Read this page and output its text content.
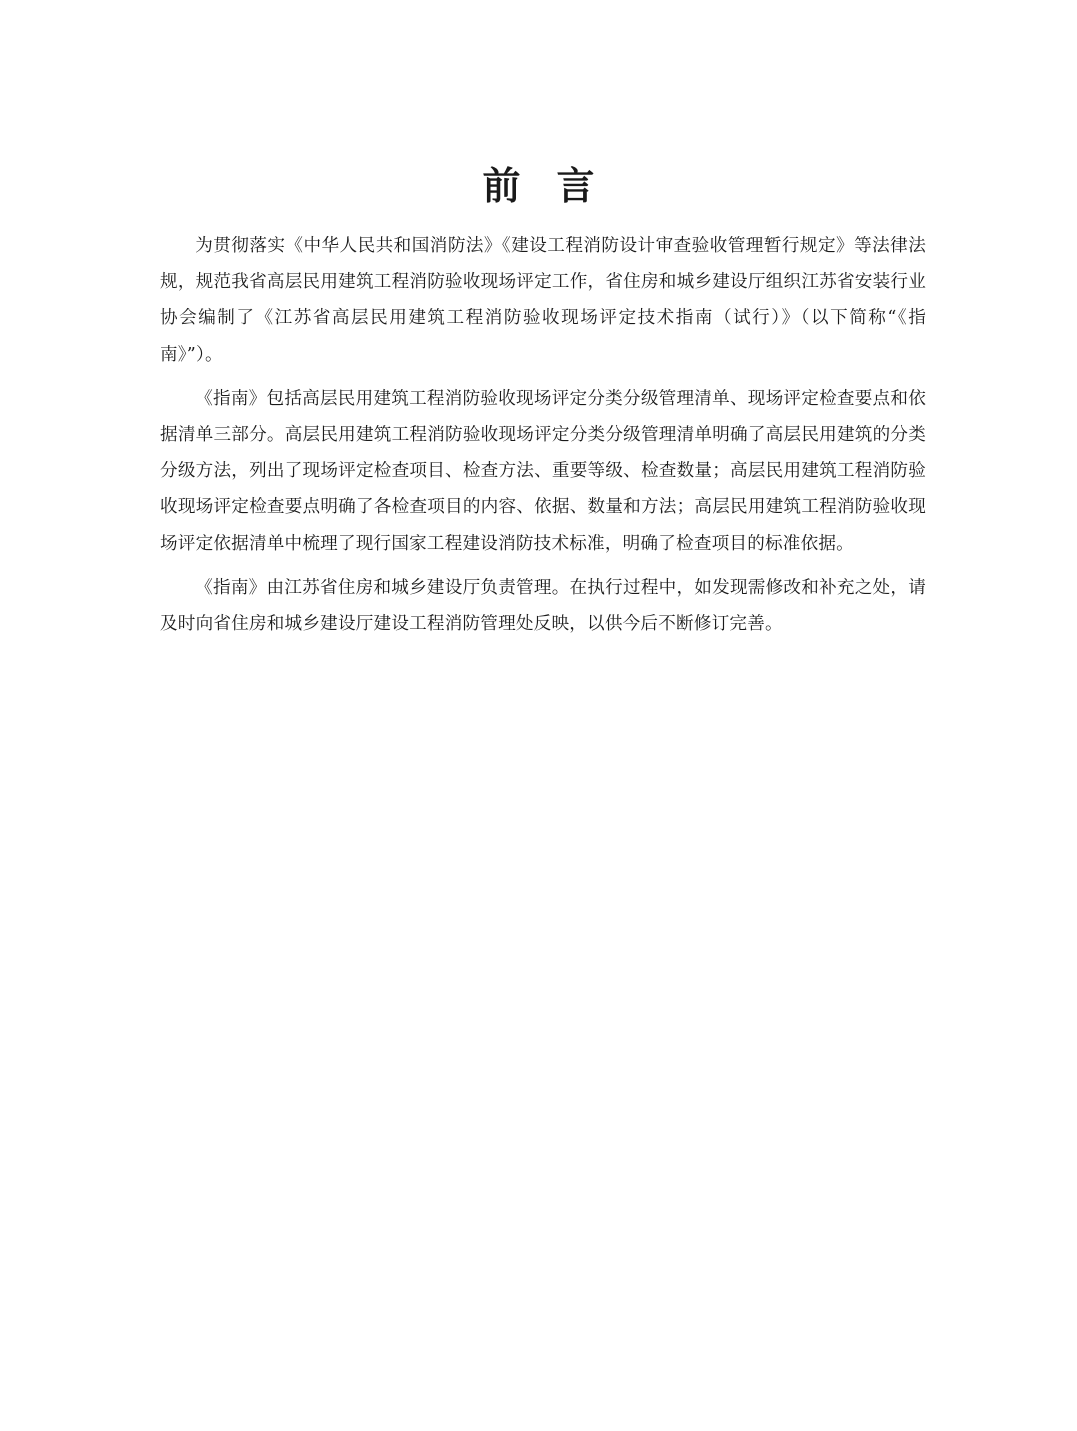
前言

为贯彻落实《中华人民共和国消防法》《建设工程消防设计审查验收管理暂行规定》等法律法规，规范我省高层民用建筑工程消防验收现场评定工作，省住房和城乡建设厅组织江苏省安装行业协会编制了《江苏省高层民用建筑工程消防验收现场评定技术指南（试行）》（以下简称“《指南》”）。

《指南》包括高层民用建筑工程消防验收现场评定分类分级管理清单、现场评定检查要点和依据清单三部分。高层民用建筑工程消防验收现场评定分类分级管理清单明确了高层民用建筑的分类分级方法，列出了现场评定检查项目、检查方法、重要等级、检查数量；高层民用建筑工程消防验收现场评定检查要点明确了各检查项目的内容、依据、数量和方法；高层民用建筑工程消防验收现场评定依据清单中梳理了现行国家工程建设消防技术标准，明确了检查项目的标准依据。

《指南》由江苏省住房和城乡建设厅负责管理。在执行过程中，如发现需修改和补充之处，请及时向省住房和城乡建设厅建设工程消防管理处反映，以供今后不断修订完善。
